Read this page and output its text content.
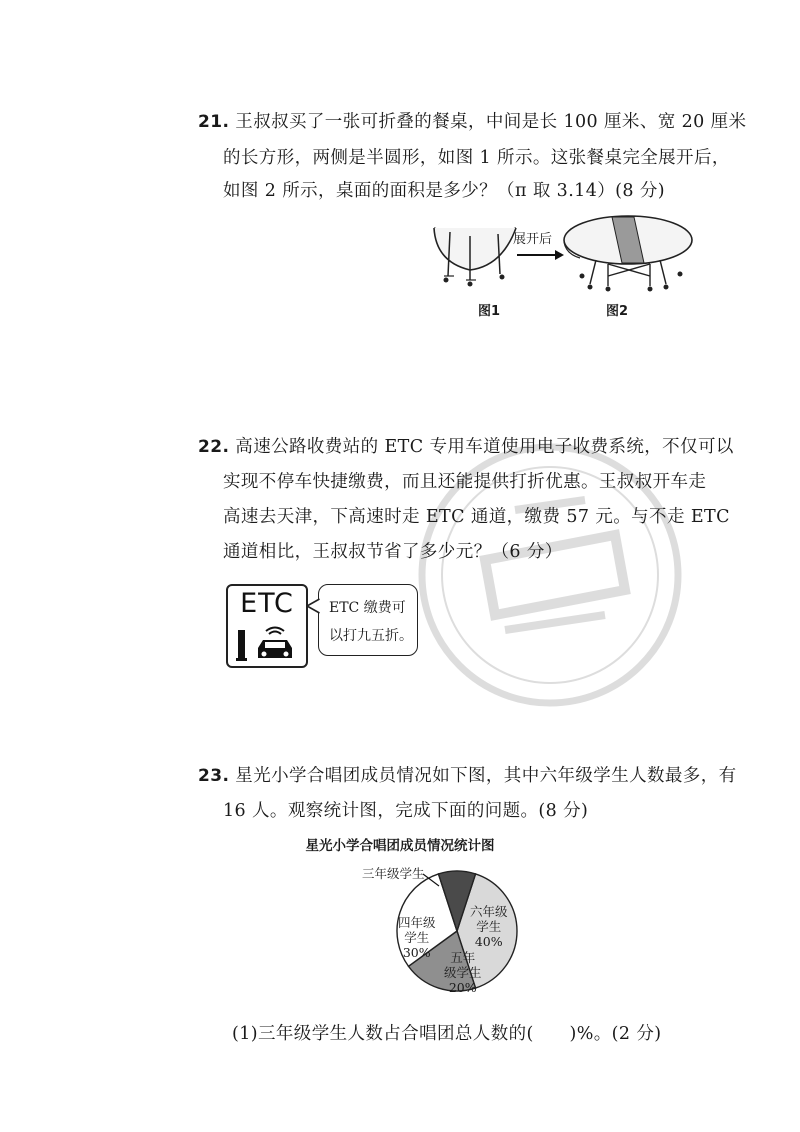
21. 王叔叔买了一张可折叠的餐桌，中间是长 100 厘米、宽 20 厘米
的长方形，两侧是半圆形，如图 1 所示。这张餐桌完全展开后，
如图 2 所示，桌面的面积是多少？（π 取 3.14）(8 分)
展开后
图1	图2
22. 高速公路收费站的 ETC 专用车道使用电子收费系统，不仅可以
实现不停车快捷缴费，而且还能提供打折优惠。王叔叔开车走
高速去天津，下高速时走 ETC 通道，缴费 57 元。与不走 ETC
通道相比，王叔叔节省了多少元？（6 分）
ETC	ETC 缴费可
以打九五折。
23. 星光小学合唱团成员情况如下图，其中六年级学生人数最多，有
16 人。观察统计图，完成下面的问题。(8 分)
星光小学合唱团成员情况统计图
六年级
学生
40%
五年
级学生
20%
四年级
学生
30%
三年级学生
(1)三年级学生人数占合唱团总人数的(　　)%。(2 分)
